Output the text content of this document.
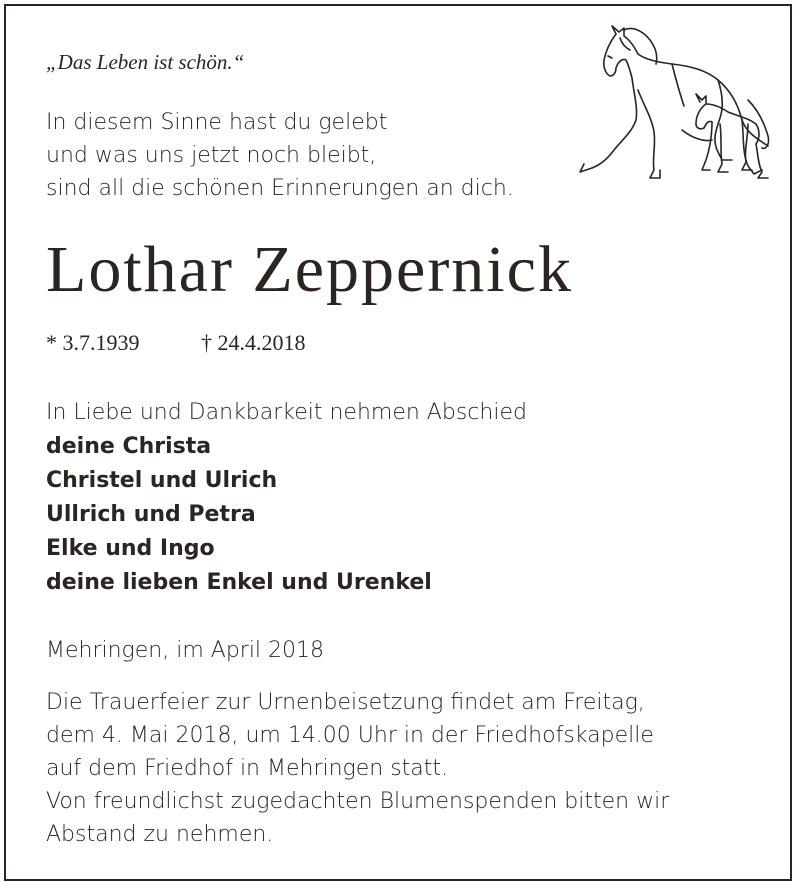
„Das Leben ist schön.“
In diesem Sinne hast du gelebt
und was uns jetzt noch bleibt,
sind all die schönen Erinnerungen an dich.
Lothar Zeppernick
* 3.7.1939	† 24.4.2018
In Liebe und Dankbarkeit nehmen Abschied
deine Christa
Christel und Ulrich
Ullrich und Petra
Elke und Ingo
deine lieben Enkel und Urenkel
Mehringen, im April 2018
Die Trauerfeier zur Urnenbeisetzung findet am Freitag,
dem 4. Mai 2018, um 14.00 Uhr in der Friedhofskapelle
auf dem Friedhof in Mehringen statt.
Von freundlichst zugedachten Blumenspenden bitten wir
Abstand zu nehmen.
